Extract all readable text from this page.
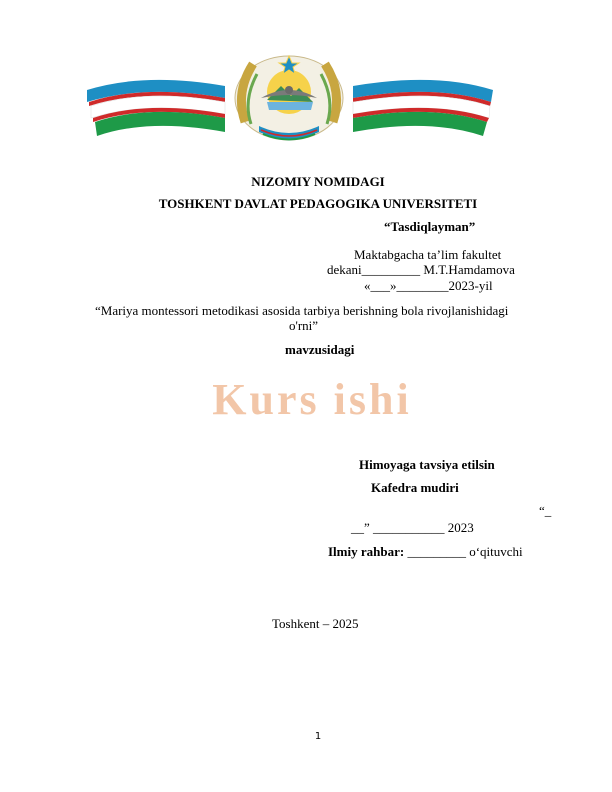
NIZOMIY NOMIDAGI
TOSHKENT DAVLAT PEDAGOGIKA UNIVERSITETI
“Tasdiqlayman”
Maktabgacha ta’lim fakultet
dekani_________ M.T.Hamdamova
«___»________2023-yil
“Mariya montessori metodikasi asosida tarbiya berishning bola rivojlanishidagi
o'rni”
mavzusidagi
Kurs ishi
Himoyaga tavsiya etilsin
Kafedra mudiri
“_
__” ___________ 2023
Ilmiy rahbar: _________ o‘qituvchi
Toshkent – 2025
1
